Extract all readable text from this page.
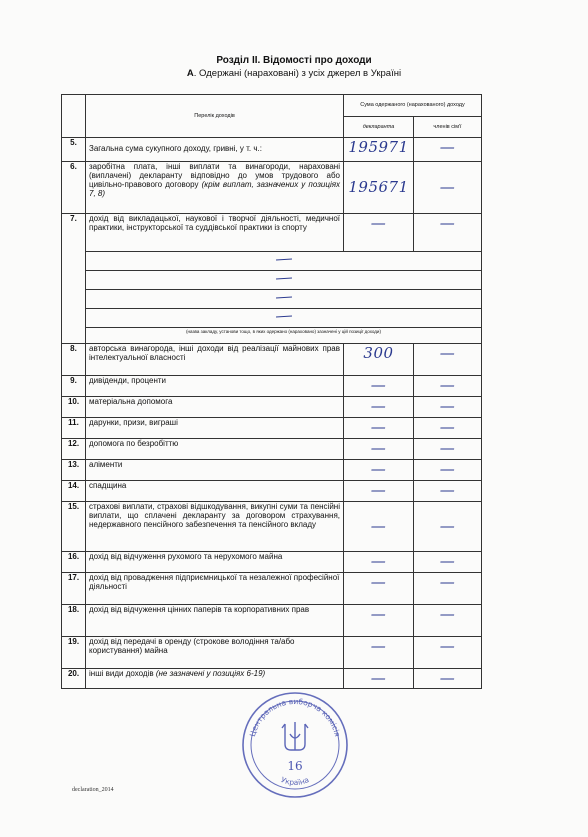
Розділ ІІ. Відомості про доходи
А. Одержані (нараховані) з усіх джерел в Україні
	Перелік доходів	Сума одержаного (нарахованого) доходу	
		декларанта	членів сім'ї
5.	Загальна сума сукупного доходу, гривні, у т. ч.:	195971	—
6.	заробітна плата, інші виплати та винагороди, нараховані (виплачені) декларанту відповідно до умов трудового або цивільно-правового договору (крім виплат, зазначених у позиціях 7, 8)	195671	—
7.	дохід від викладацької, наукової і творчої діяльності, медичної практики, інструкторської та суддівської практики із спорту	—	—

	(назва закладу, установи тощо, в яких одержано (нараховано) зазначені у цій позиції доходи)		
8.	авторська винагорода, інші доходи від реалізації майнових прав інтелектуальної власності	300	—
9.	дивіденди, проценти	—	—
10.	матеріальна допомога	—	—
11.	дарунки, призи, виграші	—	—
12.	допомога по безробіттю	—	—
13.	аліменти	—	—
14.	спадщина	—	—
15.	страхові виплати, страхові відшкодування, викупні суми та пенсійні виплати, що сплачені декларанту за договором страхування, недержавного пенсійного забезпечення та пенсійного вкладу	—	—
16.	дохід від відчуження рухомого та нерухомого майна	—	—
17.	дохід від провадження підприємницької та незалежної професійної діяльності	—	—
18.	дохід від відчуження цінних паперів та корпоративних прав	—	—
19.	дохід від передачі в оренду (строкове володіння та/або користування) майна	—	—
20.	інші види доходів (не зазначені у позиціях 6-19)	—	—
Центральна виборча комісія
Україна
16
declaration_2014
